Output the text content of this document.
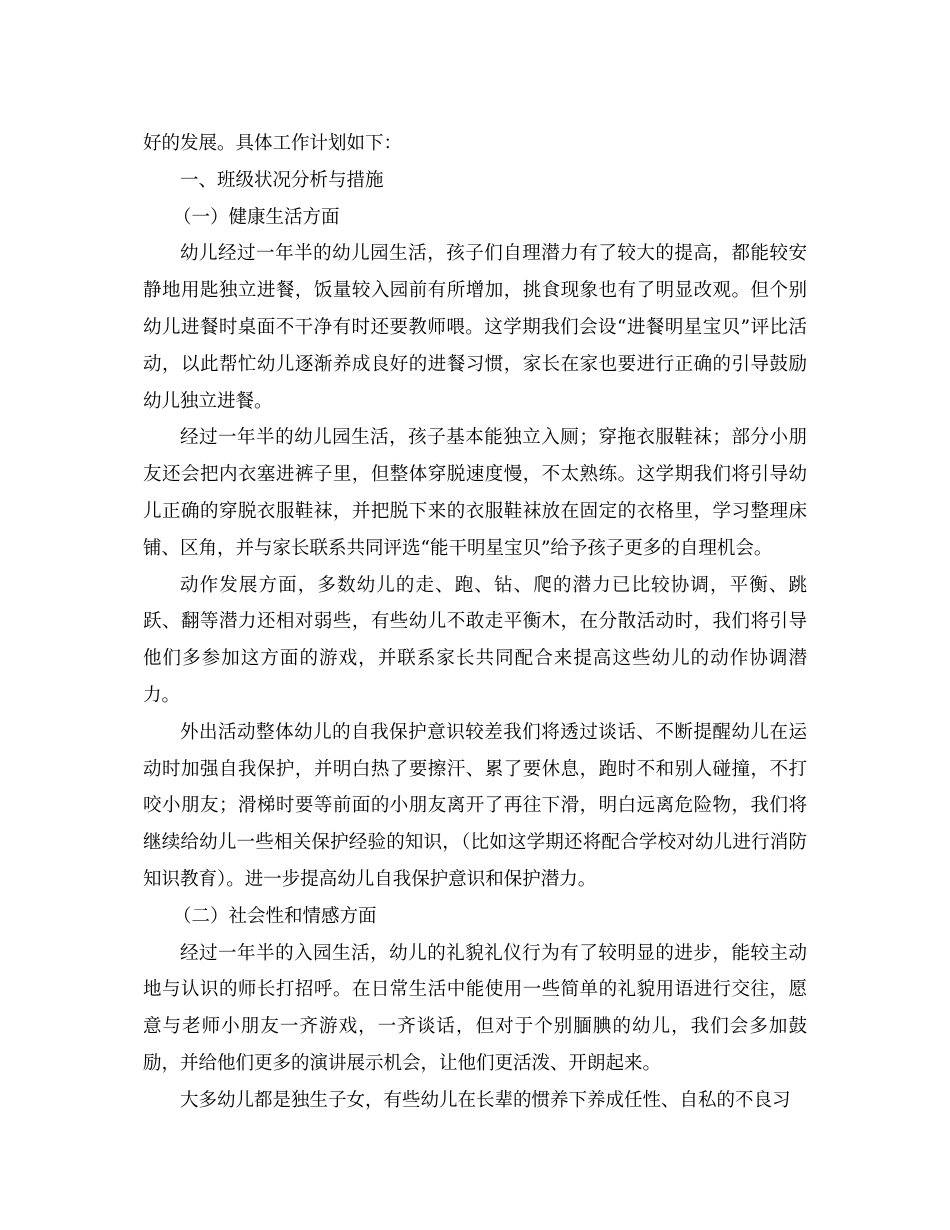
好的发展。具体工作计划如下：

一、班级状况分析与措施

（一）健康生活方面

幼儿经过一年半的幼儿园生活，孩子们自理潜力有了较大的提高，都能较安静地用匙独立进餐，饭量较入园前有所增加，挑食现象也有了明显改观。但个别幼儿进餐时桌面不干净有时还要教师喂。这学期我们会设“进餐明星宝贝”评比活动，以此帮忙幼儿逐渐养成良好的进餐习惯，家长在家也要进行正确的引导鼓励幼儿独立进餐。

经过一年半的幼儿园生活，孩子基本能独立入厕；穿拖衣服鞋袜；部分小朋友还会把内衣塞进裤子里，但整体穿脱速度慢，不太熟练。这学期我们将引导幼儿正确的穿脱衣服鞋袜，并把脱下来的衣服鞋袜放在固定的衣格里，学习整理床铺、区角，并与家长联系共同评选“能干明星宝贝”给予孩子更多的自理机会。

动作发展方面，多数幼儿的走、跑、钻、爬的潜力已比较协调，平衡、跳跃、翻等潜力还相对弱些，有些幼儿不敢走平衡木，在分散活动时，我们将引导他们多参加这方面的游戏，并联系家长共同配合来提高这些幼儿的动作协调潜力。

外出活动整体幼儿的自我保护意识较差我们将透过谈话、不断提醒幼儿在运动时加强自我保护，并明白热了要擦汗、累了要休息，跑时不和别人碰撞，不打咬小朋友；滑梯时要等前面的小朋友离开了再往下滑，明白远离危险物，我们将继续给幼儿一些相关保护经验的知识，（比如这学期还将配合学校对幼儿进行消防知识教育）。进一步提高幼儿自我保护意识和保护潜力。

（二）社会性和情感方面

经过一年半的入园生活，幼儿的礼貌礼仪行为有了较明显的进步，能较主动地与认识的师长打招呼。在日常生活中能使用一些简单的礼貌用语进行交往，愿意与老师小朋友一齐游戏，一齐谈话，但对于个别腼腆的幼儿，我们会多加鼓励，并给他们更多的演讲展示机会，让他们更活泼、开朗起来。

大多幼儿都是独生子女，有些幼儿在长辈的惯养下养成任性、自私的不良习
